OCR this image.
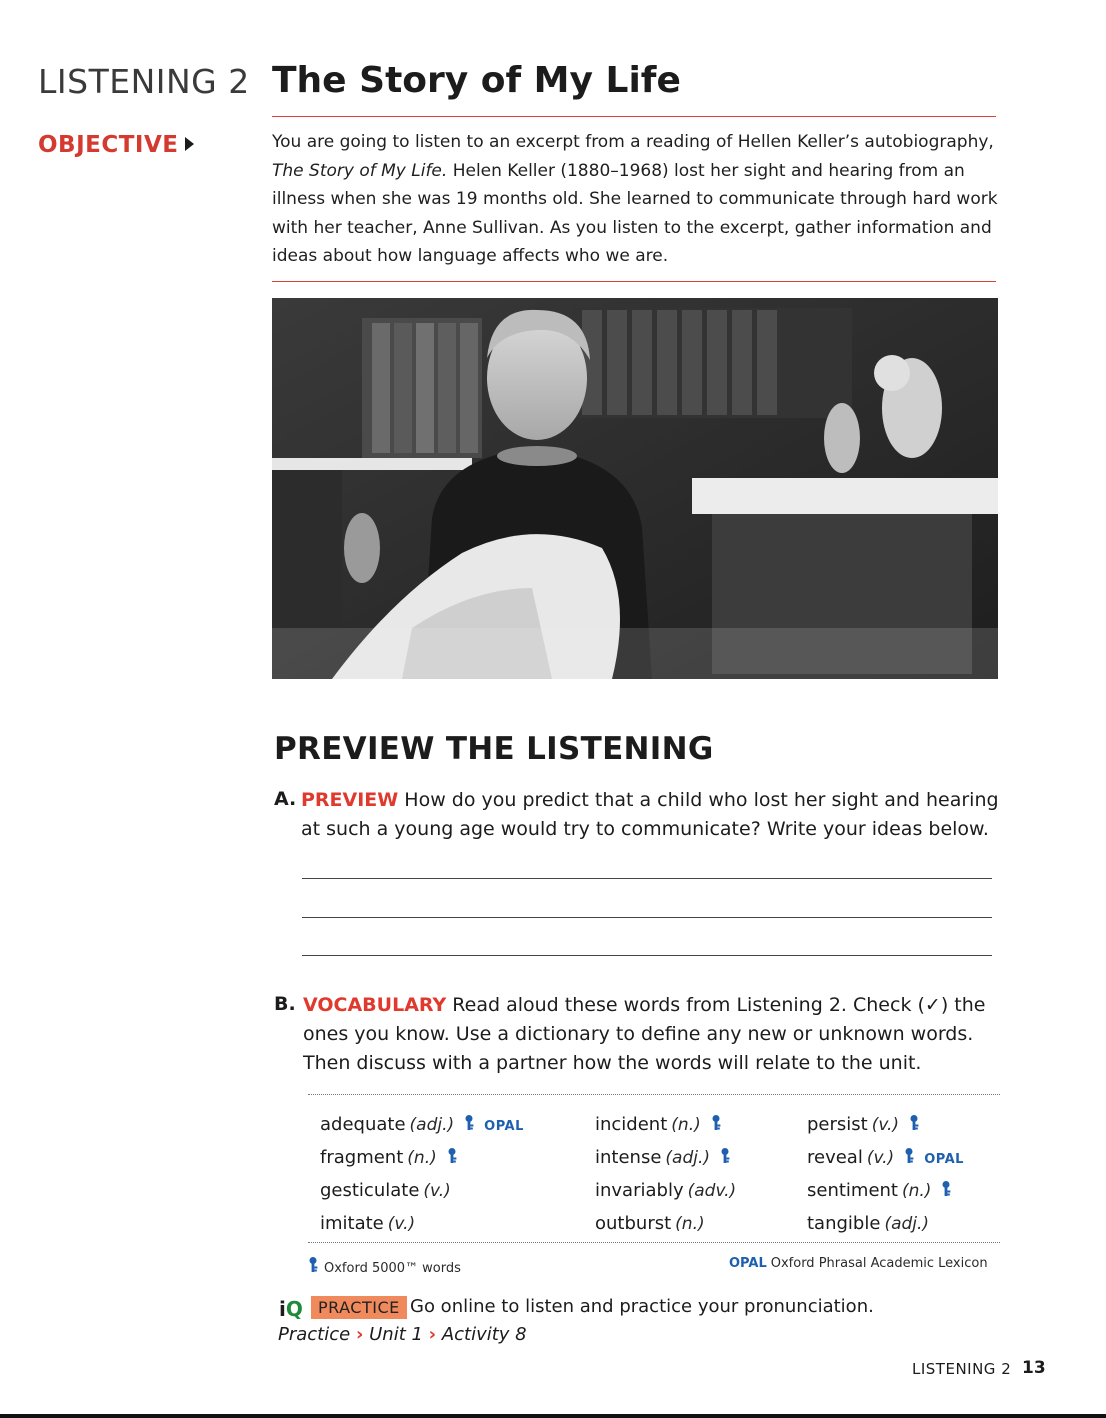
LISTENING 2 The Story of My Life
OBJECTIVE	You are going to listen to an excerpt from a reading of Hellen Keller’s autobiography,
The Story of My Life. Helen Keller (1880–1968) lost her sight and hearing from an
illness when she was 19 months old. She learned to communicate through hard work
with her teacher, Anne Sullivan. As you listen to the excerpt, gather information and
ideas about how language affects who we are.
PREVIEW THE LISTENING
A. PREVIEW How do you predict that a child who lost her sight and hearing
at such a young age would try to communicate? Write your ideas below.
B. VOCABULARY Read aloud these words from Listening 2. Check (✓) the
ones you know. Use a dictionary to define any new or unknown words.
Then discuss with a partner how the words will relate to the unit.
adequate (adj.) OPAL
fragment (n.)
gesticulate (v.)
imitate (v.)
incident (n.)
intense (adj.)
invariably (adv.)
outburst (n.)
persist (v.)
reveal (v.) OPAL
sentiment (n.)
tangible (adj.)
Oxford 5000™ words	OPAL Oxford Phrasal Academic Lexicon
iQ PRACTICE Go online to listen and practice your pronunciation.
Practice › Unit 1 › Activity 8
LISTENING 2 13
